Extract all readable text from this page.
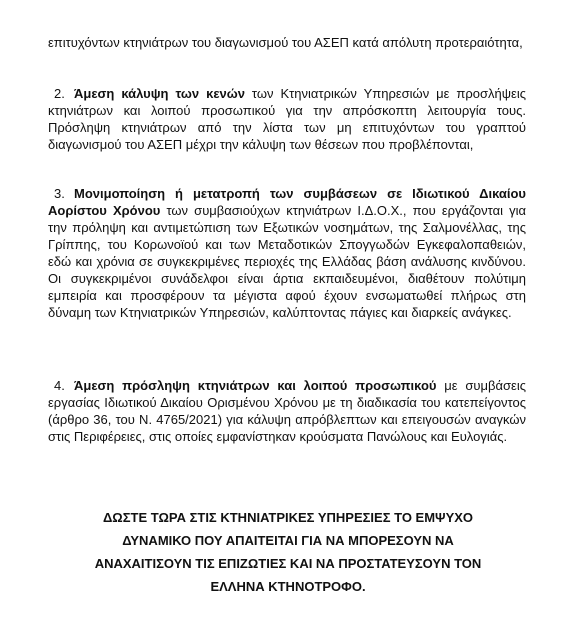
επιτυχόντων κτηνιάτρων του διαγωνισμού του ΑΣΕΠ κατά απόλυτη προτεραιότητα,
2. Άμεση κάλυψη των κενών των Κτηνιατρικών Υπηρεσιών με προσλήψεις κτηνιάτρων και λοιπού προσωπικού για την απρόσκοπτη λειτουργία τους. Πρόσληψη κτηνιάτρων από την λίστα των μη επιτυχόντων του γραπτού διαγωνισμού του ΑΣΕΠ μέχρι την κάλυψη των θέσεων που προβλέπονται,
3. Μονιμοποίηση ή μετατροπή των συμβάσεων σε Ιδιωτικού Δικαίου Αορίστου Χρόνου των συμβασιούχων κτηνιάτρων Ι.Δ.Ο.Χ., που εργάζονται για την πρόληψη και αντιμετώπιση των Εξωτικών νοσημάτων, της Σαλμονέλλας, της Γρίππης, του Κορωνοϊού και των Μεταδοτικών Σπογγωδών Εγκεφαλοπαθειών, εδώ και χρόνια σε συγκεκριμένες περιοχές της Ελλάδας βάση ανάλυσης κινδύνου. Οι συγκεκριμένοι συνάδελφοι είναι άρτια εκπαιδευμένοι, διαθέτουν πολύτιμη εμπειρία και προσφέρουν τα μέγιστα αφού έχουν ενσωματωθεί πλήρως στη δύναμη των Κτηνιατρικών Υπηρεσιών, καλύπτοντας πάγιες και διαρκείς ανάγκες.
4. Άμεση πρόσληψη κτηνιάτρων και λοιπού προσωπικού με συμβάσεις εργασίας Ιδιωτικού Δικαίου Ορισμένου Χρόνου με τη διαδικασία του κατεπείγοντος (άρθρο 36, του Ν. 4765/2021) για κάλυψη απρόβλεπτων και επειγουσών αναγκών στις Περιφέρειες, στις οποίες εμφανίστηκαν κρούσματα Πανώλους και Ευλογιάς.
ΔΩΣΤΕ ΤΩΡΑ ΣΤΙΣ ΚΤΗΝΙΑΤΡΙΚΕΣ ΥΠΗΡΕΣΙΕΣ ΤΟ ΕΜΨΥΧΟ
ΔΥΝΑΜΙΚΟ ΠΟΥ ΑΠΑΙΤΕΙΤΑΙ ΓΙΑ ΝΑ ΜΠΟΡΕΣΟΥΝ ΝΑ
ΑΝΑΧΑΙΤΙΣΟΥΝ ΤΙΣ ΕΠΙΖΩΤΙΕΣ ΚΑΙ ΝΑ ΠΡΟΣΤΑΤΕΥΣΟΥΝ ΤΟΝ
ΕΛΛΗΝΑ ΚΤΗΝΟΤΡΟΦΟ.
